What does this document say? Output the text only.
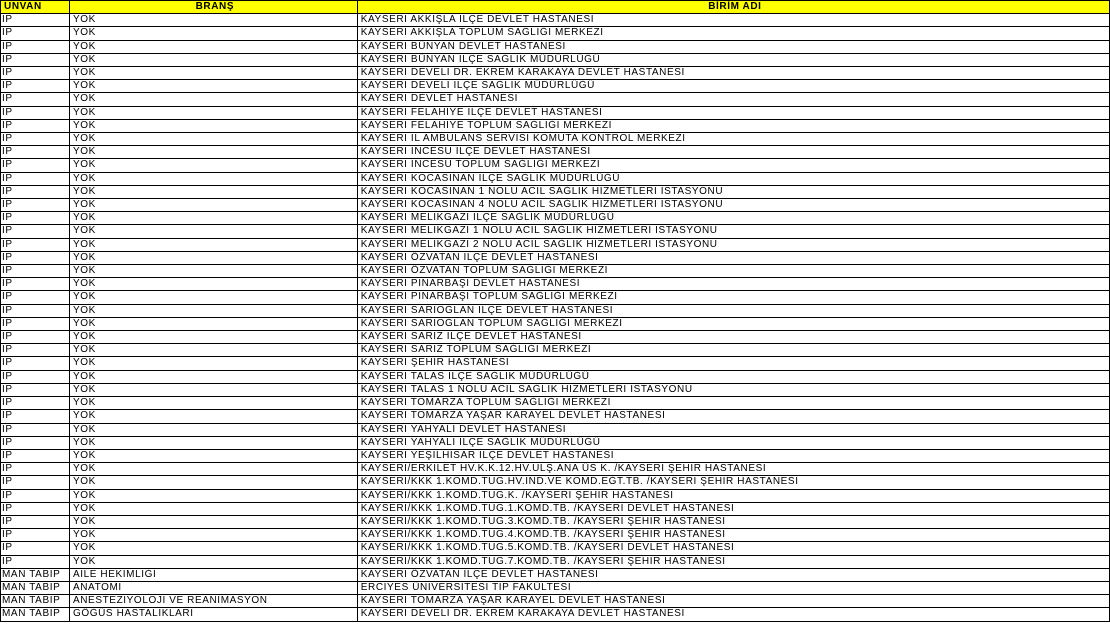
UNVAN	BRANŞ	BİRİM ADI
İP	YOK	KAYSERİ AKKIŞLA İLÇE DEVLET HASTANESİ
İP	YOK	KAYSERİ AKKIŞLA TOPLUM SAĞLIĞI MERKEZİ
İP	YOK	KAYSERİ BÜNYAN DEVLET HASTANESİ
İP	YOK	KAYSERİ BÜNYAN İLÇE SAĞLIK MÜDÜRLÜĞÜ
İP	YOK	KAYSERİ DEVELİ DR. EKREM KARAKAYA DEVLET HASTANESİ
İP	YOK	KAYSERİ DEVELİ İLÇE SAĞLIK MÜDÜRLÜĞÜ
İP	YOK	KAYSERİ DEVLET HASTANESİ
İP	YOK	KAYSERİ FELAHİYE İLÇE DEVLET HASTANESİ
İP	YOK	KAYSERİ FELAHİYE TOPLUM SAĞLIĞI MERKEZİ
İP	YOK	KAYSERİ İL AMBULANS SERVİSİ KOMUTA KONTROL MERKEZİ
İP	YOK	KAYSERİ İNCESU İLÇE DEVLET HASTANESİ
İP	YOK	KAYSERİ İNCESU TOPLUM SAĞLIĞI MERKEZİ
İP	YOK	KAYSERİ KOCASİNAN İLÇE SAĞLIK MÜDÜRLÜĞÜ
İP	YOK	KAYSERİ KOCASİNAN 1 NOLU ACİL SAĞLIK HİZMETLERİ İSTASYONU
İP	YOK	KAYSERİ KOCASİNAN 4 NOLU ACİL SAĞLIK HİZMETLERİ İSTASYONU
İP	YOK	KAYSERİ MELİKGAZİ İLÇE SAĞLIK MÜDÜRLÜĞÜ
İP	YOK	KAYSERİ MELİKGAZİ 1 NOLU ACİL SAĞLIK HİZMETLERİ İSTASYONU
İP	YOK	KAYSERİ MELİKGAZİ 2 NOLU ACİL SAĞLIK HİZMETLERİ İSTASYONU
İP	YOK	KAYSERİ ÖZVATAN İLÇE DEVLET HASTANESİ
İP	YOK	KAYSERİ ÖZVATAN TOPLUM SAĞLIĞI MERKEZİ
İP	YOK	KAYSERİ PINARBAŞI DEVLET HASTANESİ
İP	YOK	KAYSERİ PINARBAŞI TOPLUM SAĞLIĞI MERKEZİ
İP	YOK	KAYSERİ SARIOĞLAN İLÇE DEVLET HASTANESİ
İP	YOK	KAYSERİ SARIOĞLAN TOPLUM SAĞLIĞI MERKEZİ
İP	YOK	KAYSERİ SARIZ İLÇE DEVLET HASTANESİ
İP	YOK	KAYSERİ SARIZ TOPLUM SAĞLIĞI MERKEZİ
İP	YOK	KAYSERİ ŞEHİR HASTANESİ
İP	YOK	KAYSERİ TALAS İLÇE SAĞLIK MÜDÜRLÜĞÜ
İP	YOK	KAYSERİ TALAS 1 NOLU ACİL SAĞLIK HİZMETLERİ İSTASYONU
İP	YOK	KAYSERİ TOMARZA TOPLUM SAĞLIĞI MERKEZİ
İP	YOK	KAYSERİ TOMARZA YAŞAR KARAYEL DEVLET HASTANESİ
İP	YOK	KAYSERİ YAHYALI DEVLET HASTANESİ
İP	YOK	KAYSERİ YAHYALI İLÇE SAĞLIK MÜDÜRLÜĞÜ
İP	YOK	KAYSERİ YEŞİLHİSAR İLÇE DEVLET HASTANESİ
İP	YOK	KAYSERİ/ERKİLET HV.K.K.12.HV.ULŞ.ANA ÜS K. /KAYSERİ ŞEHİR HASTANESİ
İP	YOK	KAYSERİ/KKK 1.KOMD.TUG.HV.İND.VE KOMD.EĞT.TB. /KAYSERİ ŞEHİR HASTANESİ
İP	YOK	KAYSERİ/KKK 1.KOMD.TUG.K. /KAYSERİ ŞEHİR HASTANESİ
İP	YOK	KAYSERİ/KKK 1.KOMD.TUG.1.KOMD.TB. /KAYSERİ DEVLET HASTANESİ
İP	YOK	KAYSERİ/KKK 1.KOMD.TUG.3.KOMD.TB. /KAYSERİ ŞEHİR HASTANESİ
İP	YOK	KAYSERİ/KKK 1.KOMD.TUG.4.KOMD.TB. /KAYSERİ ŞEHİR HASTANESİ
İP	YOK	KAYSERİ/KKK 1.KOMD.TUG.5.KOMD.TB. /KAYSERİ DEVLET HASTANESİ
İP	YOK	KAYSERİ/KKK 1.KOMD.TUG.7.KOMD.TB. /KAYSERİ ŞEHİR HASTANESİ
MAN TABİP	AİLE HEKİMLİĞİ	KAYSERİ ÖZVATAN İLÇE DEVLET HASTANESİ
MAN TABİP	ANATOMİ	ERCİYES ÜNİVERSİTESİ TIP FAKÜLTESİ
MAN TABİP	ANESTEZİYOLOJİ VE REANİMASYON	KAYSERİ TOMARZA YAŞAR KARAYEL DEVLET HASTANESİ
MAN TABİP	GÖĞÜS HASTALIKLARI	KAYSERİ DEVELİ DR. EKREM KARAKAYA DEVLET HASTANESİ
